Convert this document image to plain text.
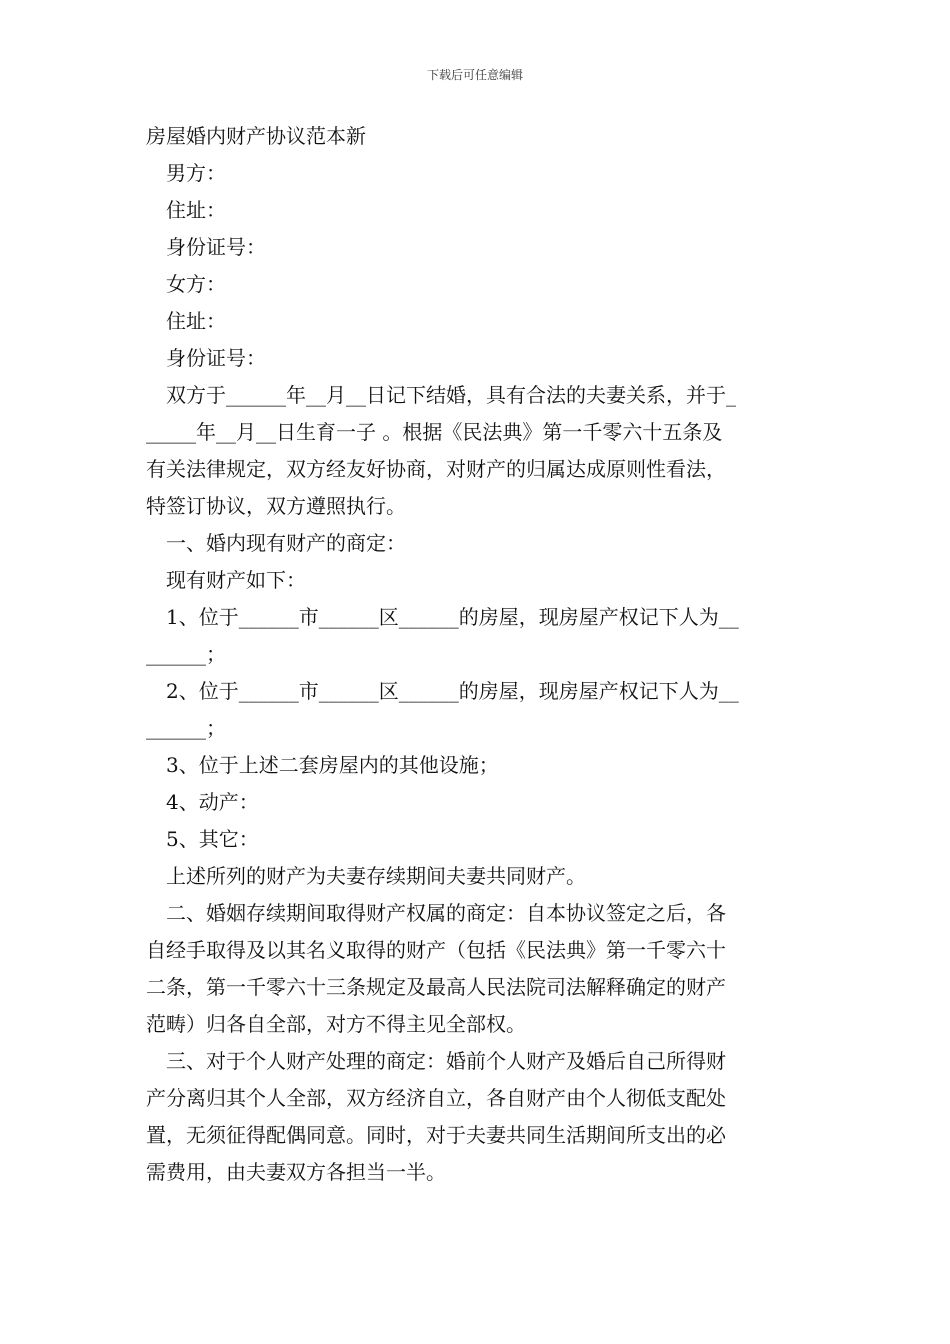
下载后可任意编辑
房屋婚内财产协议范本新
男方：
住址：
身份证号：
女方：
住址：
身份证号：
双方于______年__月__日记下结婚，具有合法的夫妻关系，并于_
_____年__月__日生育一子 。根据《民法典》第一千零六十五条及
有关法律规定，双方经友好协商，对财产的归属达成原则性看法，
特签订协议，双方遵照执行。
一、婚内现有财产的商定：
现有财产如下：
1、位于______市______区______的房屋，现房屋产权记下人为__
______；
2、位于______市______区______的房屋，现房屋产权记下人为__
______；
3、位于上述二套房屋内的其他设施；
4、动产：
5、其它：
上述所列的财产为夫妻存续期间夫妻共同财产。
二、婚姻存续期间取得财产权属的商定：自本协议签定之后，各
自经手取得及以其名义取得的财产（包括《民法典》第一千零六十
二条，第一千零六十三条规定及最高人民法院司法解释确定的财产
范畴）归各自全部，对方不得主见全部权。
三、对于个人财产处理的商定：婚前个人财产及婚后自己所得财
产分离归其个人全部，双方经济自立，各自财产由个人彻低支配处
置，无须征得配偶同意。同时，对于夫妻共同生活期间所支出的必
需费用，由夫妻双方各担当一半。
